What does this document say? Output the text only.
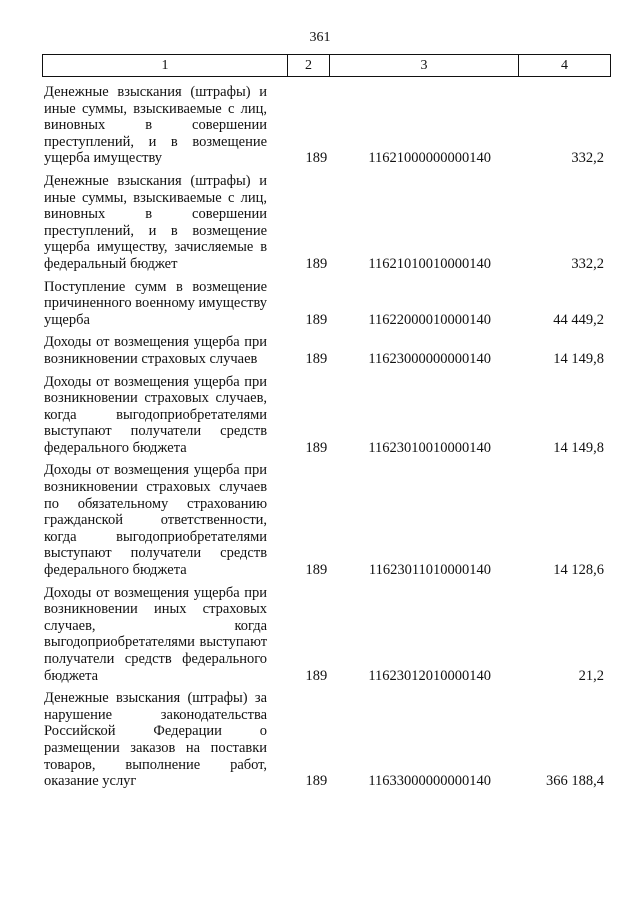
361
1	2	3	4
Денежные взыскания (штрафы) и иные суммы, взыскиваемые с лиц, виновных в совершении преступлений, и в возмещение ущерба имуществу	189	11621000000000140	332,2
Денежные взыскания (штрафы) и иные суммы, взыскиваемые с лиц, виновных в совершении преступлений, и в возмещение ущерба имуществу, зачисляемые в федеральный бюджет	189	11621010010000140	332,2
Поступление сумм в возмещение причиненного военному имуществу ущерба	189	11622000010000140	44 449,2
Доходы от возмещения ущерба при возникновении страховых случаев	189	11623000000000140	14 149,8
Доходы от возмещения ущерба при возникновении страховых случаев, когда выгодоприобретателями выступают получатели средств федерального бюджета	189	11623010010000140	14 149,8
Доходы от возмещения ущерба при возникновении страховых случаев по обязательному страхованию гражданской ответственности, когда выгодоприобретателями выступают получатели средств федерального бюджета	189	11623011010000140	14 128,6
Доходы от возмещения ущерба при возникновении иных страховых случаев, когда выгодоприобретателями выступают получатели средств федерального бюджета	189	11623012010000140	21,2
Денежные взыскания (штрафы) за нарушение законодательства Российской Федерации о размещении заказов на поставки товаров, выполнение работ, оказание услуг	189	11633000000000140	366 188,4
